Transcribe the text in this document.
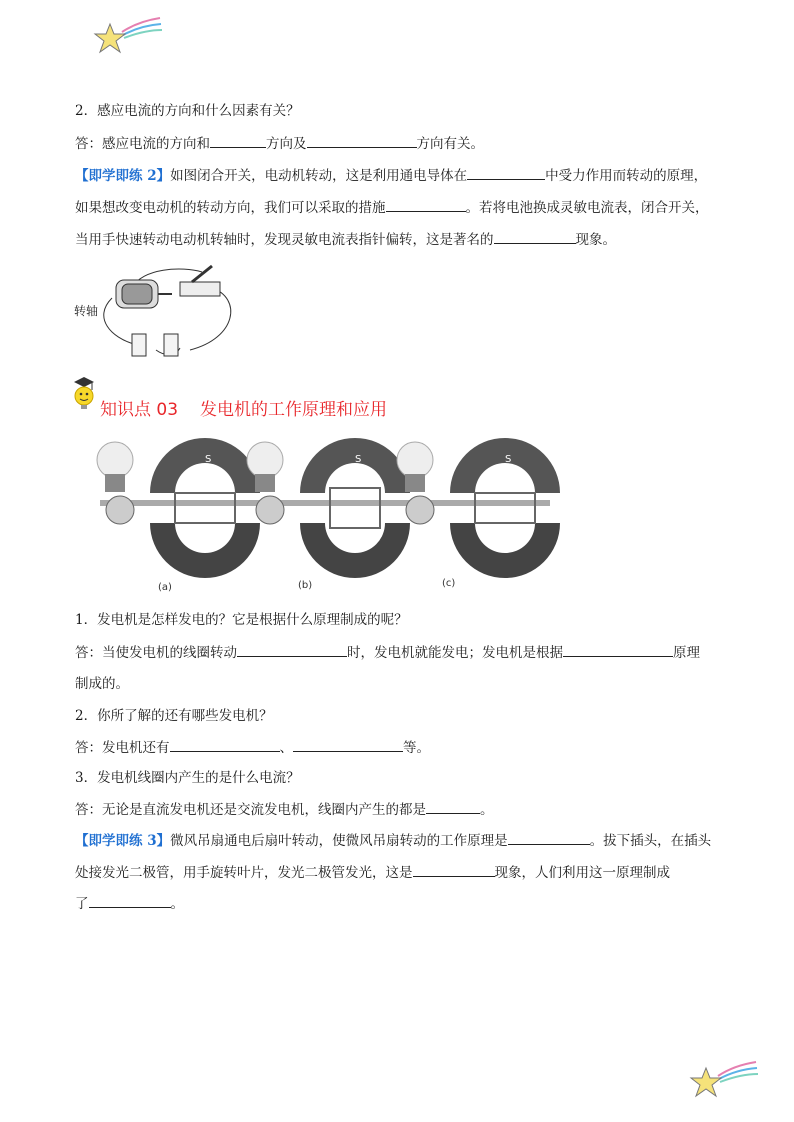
2．感应电流的方向和什么因素有关？
答：感应电流的方向和	方向及	方向有关。
【即学即练 2】如图闭合开关，电动机转动，这是利用通电导体在	中受力作用而转动的原理，
如果想改变电动机的转动方向，我们可以采取的措施	。若将电池换成灵敏电流表，闭合开关，
当用手快速转动电动机转轴时，发现灵敏电流表指针偏转，这是著名的	现象。
转轴
知识点 03 发电机的工作原理和应用
S
N
S
N
S
N
(a)	(b)	(c)
1．发电机是怎样发电的？它是根据什么原理制成的呢？
答：当使发电机的线圈转动	时，发电机就能发电；发电机是根据	原理
制成的。
2．你所了解的还有哪些发电机？
答：发电机还有	、	等。
3．发电机线圈内产生的是什么电流？
答：无论是直流发电机还是交流发电机，线圈内产生的都是	。
【即学即练 3】微风吊扇通电后扇叶转动，使微风吊扇转动的工作原理是	。拔下插头，在插头
处接发光二极管，用手旋转叶片，发光二极管发光，这是	现象，人们利用这一原理制成
了	。
